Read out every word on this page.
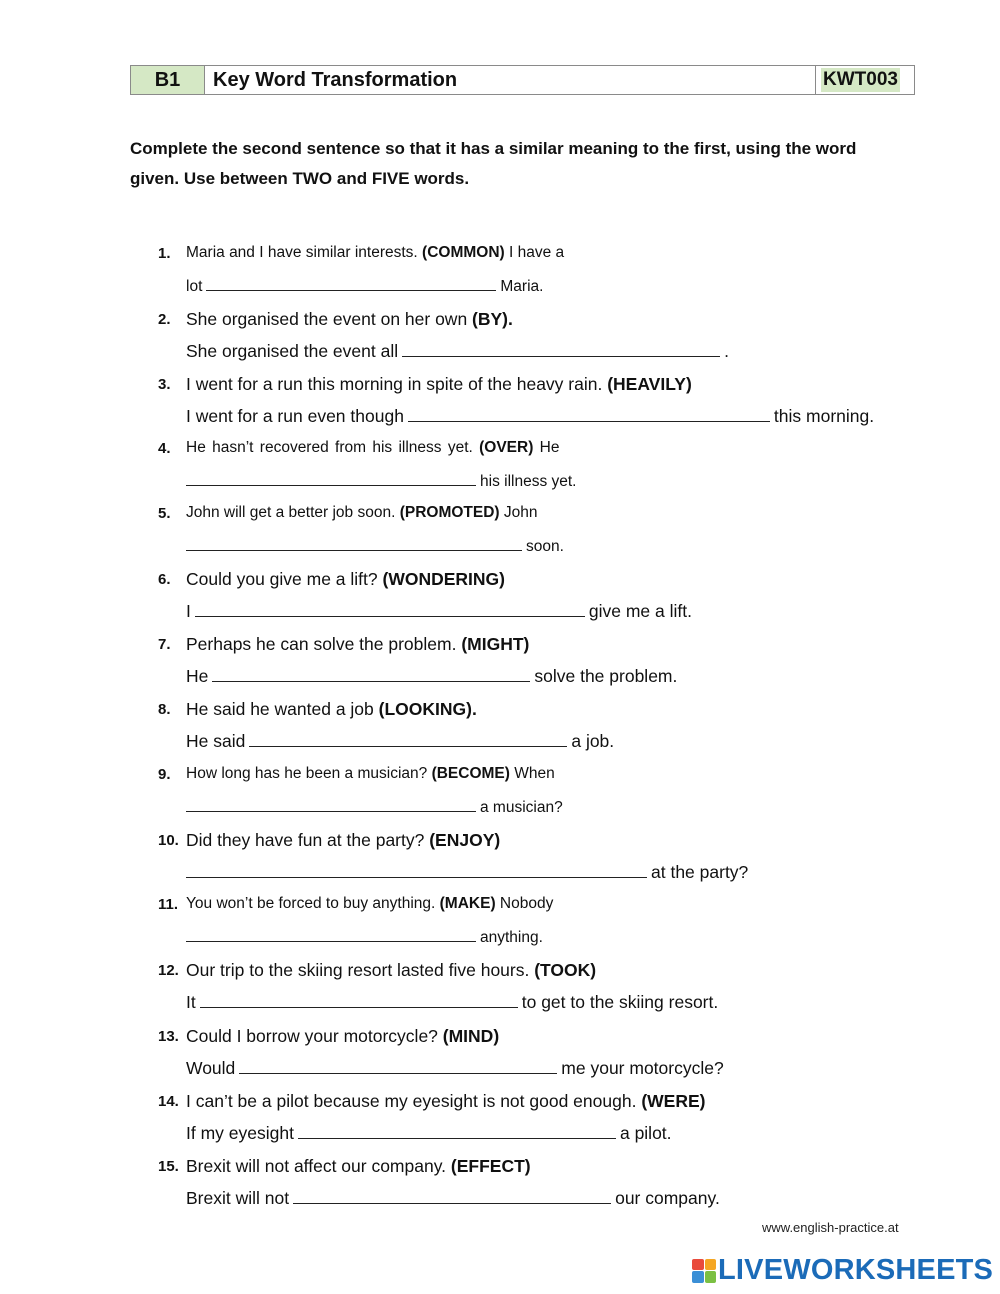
B1	Key Word Transformation	KWT003
Complete the second sentence so that it has a similar meaning to the first, using the word given. Use between TWO and FIVE words.
1. Maria and I have similar interests. (COMMON) I have a
lot	Maria.
2. She organised the event on her own (BY).
She organised the event all	.
3. I went for a run this morning in spite of the heavy rain. (HEAVILY)
I went for a run even though	this morning.
4. He hasn’t recovered from his illness yet. (OVER) He
his illness yet.
5. John will get a better job soon. (PROMOTED) John
soon.
6. Could you give me a lift? (WONDERING)
I	give me a lift.
7. Perhaps he can solve the problem. (MIGHT)
He	solve the problem.
8. He said he wanted a job (LOOKING).
He said	a job.
9. How long has he been a musician? (BECOME) When
a musician?
10. Did they have fun at the party? (ENJOY)
at the party?
11. You won’t be forced to buy anything. (MAKE) Nobody
anything.
12. Our trip to the skiing resort lasted five hours. (TOOK)
It	to get to the skiing resort.
13. Could I borrow your motorcycle? (MIND)
Would	me your motorcycle?
14. I can’t be a pilot because my eyesight is not good enough. (WERE)
If my eyesight	a pilot.
15. Brexit will not affect our company. (EFFECT)
Brexit will not	our company.
www.english-practice.at
LIVEWORKSHEETS
